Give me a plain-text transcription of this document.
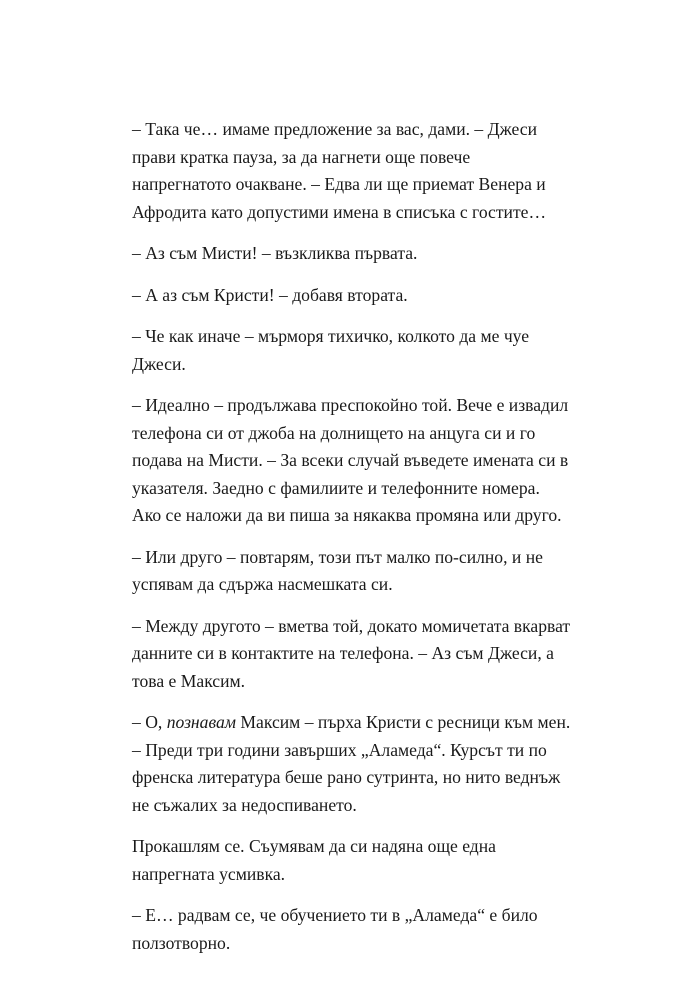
– Така че… имаме предложение за вас, дами. – Джеси прави кратка пауза, за да нагнети още повече напрегнатото очакване. – Едва ли ще приемат Венера и Афродита като допустими имена в списъка с гостите…

– Аз съм Мисти! – възкликва първата.

– А аз съм Кристи! – добавя втората.

– Че как иначе – мърморя тихичко, колкото да ме чуе Джеси.

– Идеално – продължава преспокойно той. Вече е извадил телефона си от джоба на долнището на анцуга си и го подава на Мисти. – За всеки случай въведете имената си в указателя. Заедно с фамилиите и телефонните номера. Ако се наложи да ви пиша за някаква промяна или друго.

– Или друго – повтарям, този път малко по-силно, и не успявам да сдържа насмешката си.

– Между другото – вметва той, докато момичетата вкарват данните си в контактите на телефона. – Аз съм Джеси, а това е Максим.

– О, познавам Максим – пърха Кристи с ресници към мен. – Преди три години завърших „Аламеда“. Курсът ти по френска литература беше рано сутринта, но нито веднъж не съжалих за недоспиването.

Прокашлям се. Съумявам да си надяна още една напрегната усмивка.

– Е… радвам се, че обучението ти в „Аламеда“ е било ползотворно.
